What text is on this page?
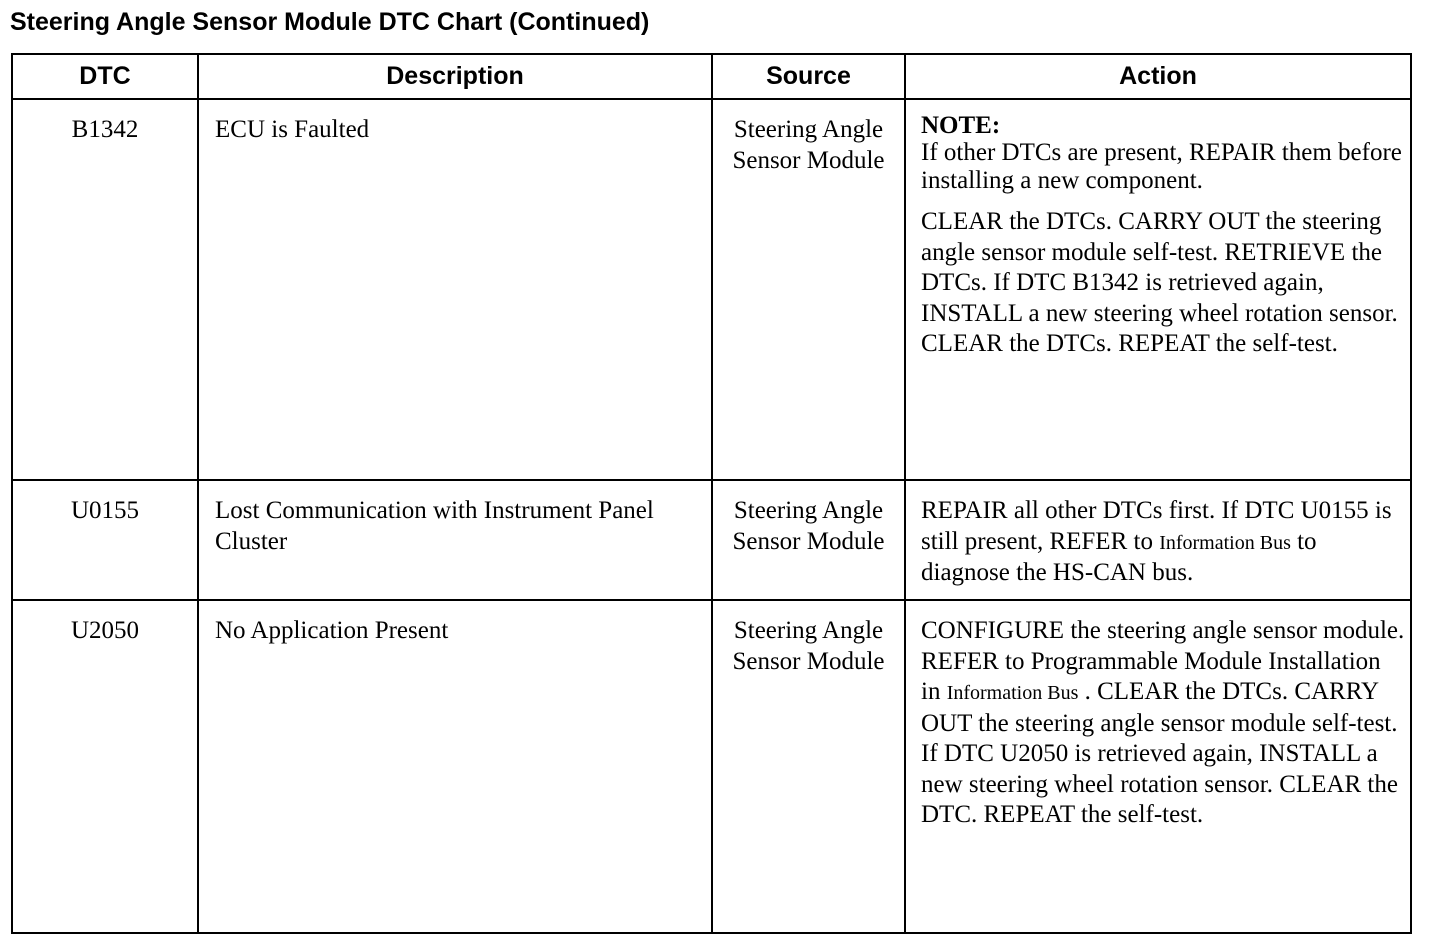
Steering Angle Sensor Module DTC Chart (Continued)
DTC	Description	Source	Action
B1342	ECU is Faulted	Steering Angle Sensor Module	NOTE:
If other DTCs are present, REPAIR them before installing a new component.
CLEAR the DTCs. CARRY OUT the steering angle sensor module self-test. RETRIEVE the DTCs. If DTC B1342 is retrieved again, INSTALL a new steering wheel rotation sensor. CLEAR the DTCs. REPEAT the self-test.

U0155	Lost Communication with Instrument Panel Cluster	Steering Angle Sensor Module	REPAIR all other DTCs first. If DTC U0155 is still present, REFER to Information Bus to diagnose the HS-CAN bus.
U2050	No Application Present	Steering Angle Sensor Module	CONFIGURE the steering angle sensor module. REFER to Programmable Module Installation in Information Bus . CLEAR the DTCs. CARRY OUT the steering angle sensor module self-test. If DTC U2050 is retrieved again, INSTALL a new steering wheel rotation sensor. CLEAR the DTC. REPEAT the self-test.
